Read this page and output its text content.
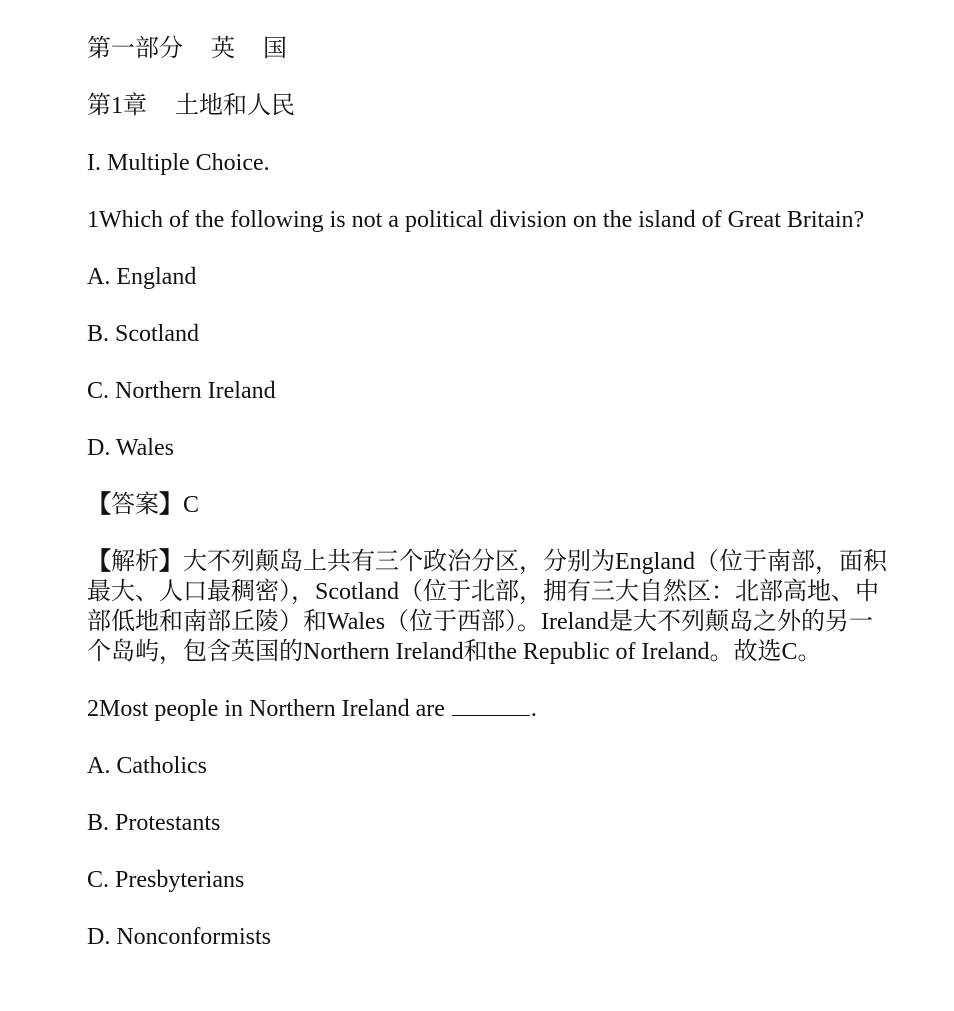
第一部分 英 国

第1章 土地和人民

I. Multiple Choice.

1Which of the following is not a political division on the island of Great Britain?

A. England

B. Scotland

C. Northern Ireland

D. Wales

【答案】C

【解析】大不列颠岛上共有三个政治分区，分别为England（位于南部，面积最大、人口最稠密），Scotland（位于北部，拥有三大自然区：北部高地、中部低地和南部丘陵）和Wales（位于西部）。Ireland是大不列颠岛之外的另一个岛屿，包含英国的Northern Ireland和the Republic of Ireland。故选C。

2Most people in Northern Ireland are	.

A. Catholics

B. Protestants

C. Presbyterians

D. Nonconformists
